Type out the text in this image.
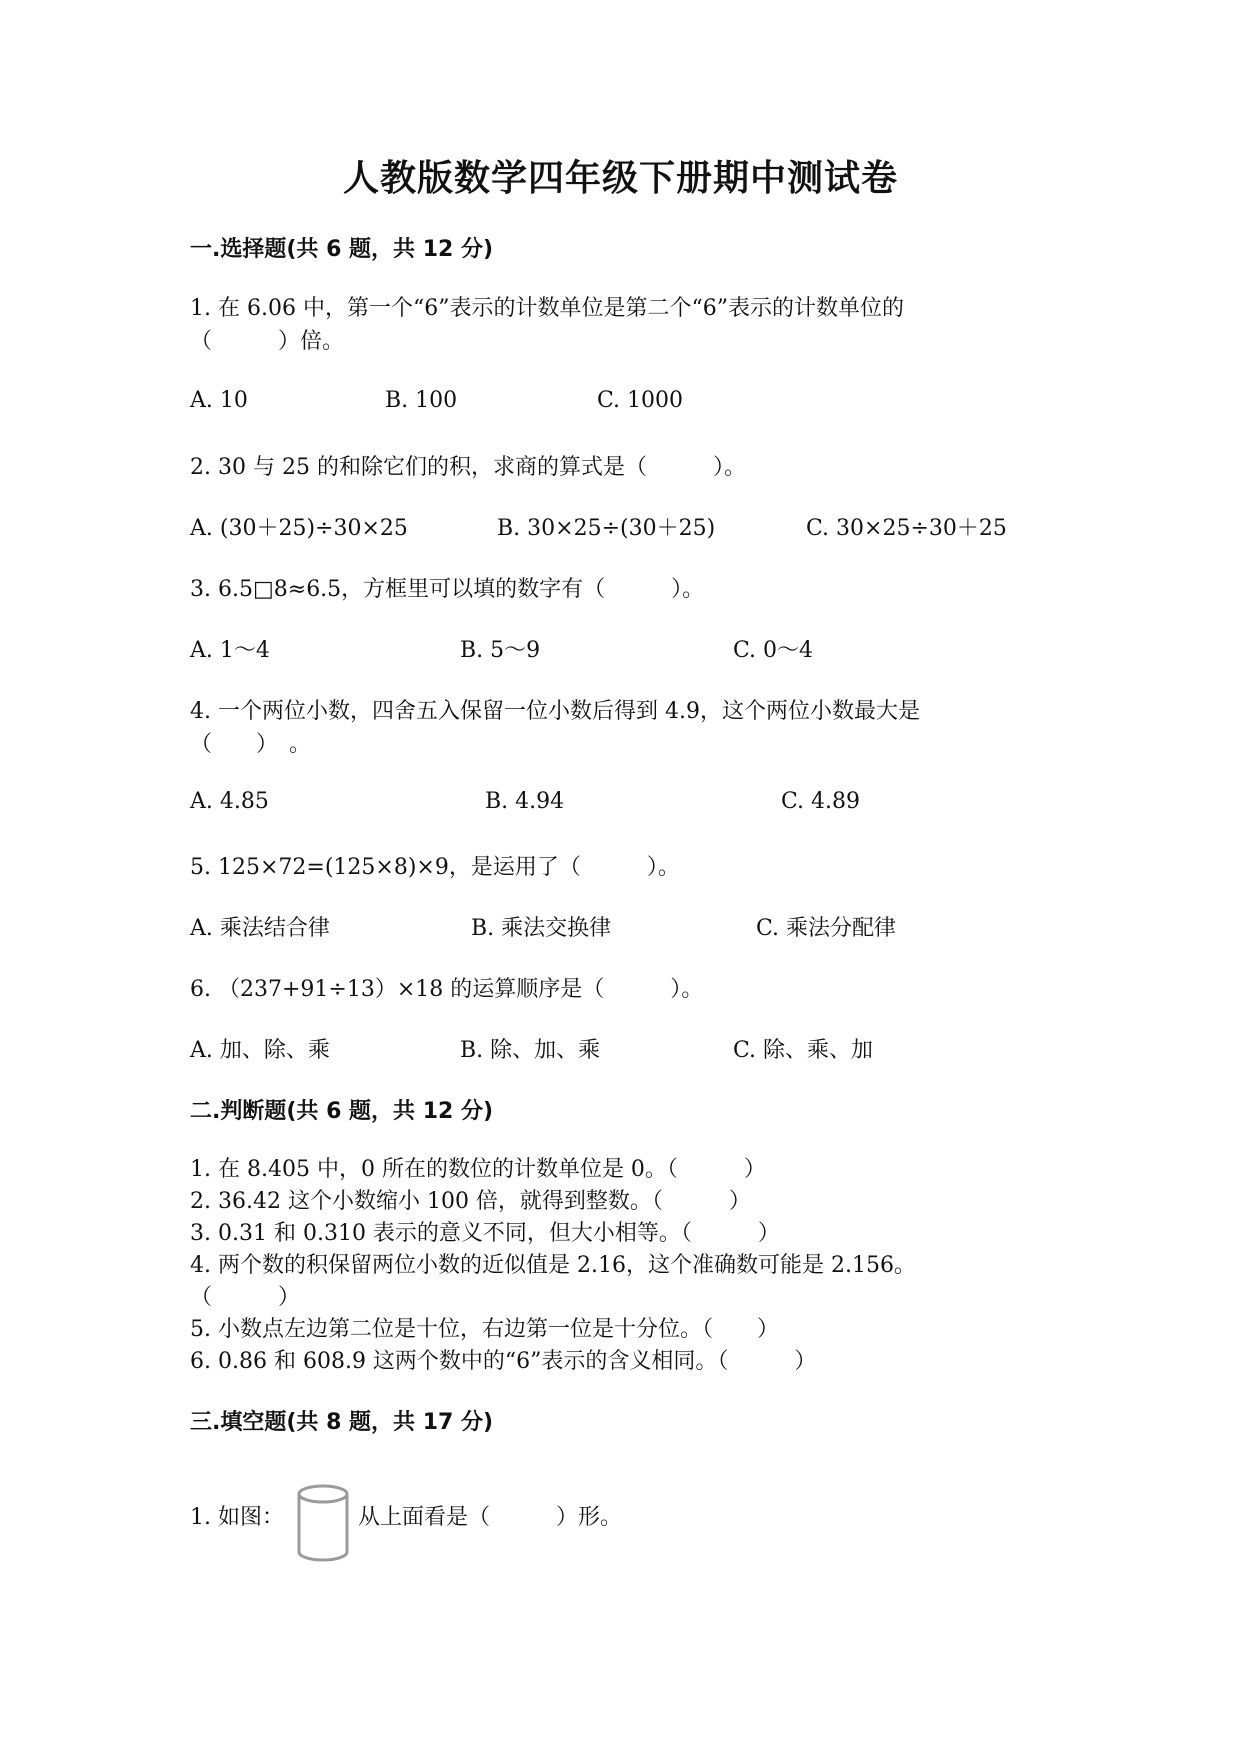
人教版数学四年级下册期中测试卷
一.选择题(共 6 题，共 12 分)
1. 在 6.06 中，第一个“6”表示的计数单位是第二个“6”表示的计数单位的
（　　　）倍。
A. 10	B. 100	C. 1000
2. 30 与 25 的和除它们的积，求商的算式是（　　　）。
A. (30＋25)÷30×25	B. 30×25÷(30＋25)	C. 30×25÷30＋25
3. 6.5□8≈6.5，方框里可以填的数字有（　　　）。
A. 1～4	B. 5～9	C. 0～4
4. 一个两位小数，四舍五入保留一位小数后得到 4.9，这个两位小数最大是
（　　）　。
A. 4.85	B. 4.94	C. 4.89
5. 125×72=(125×8)×9，是运用了（　　　）。
A. 乘法结合律	B. 乘法交换律	C. 乘法分配律
6. （237+91÷13）×18 的运算顺序是（　　　）。
A. 加、除、乘	B. 除、加、乘	C. 除、乘、加
二.判断题(共 6 题，共 12 分)
1. 在 8.405 中，0 所在的数位的计数单位是 0。（　　　）
2. 36.42 这个小数缩小 100 倍，就得到整数。（　　　）
3. 0.31 和 0.310 表示的意义不同，但大小相等。（　　　）
4. 两个数的积保留两位小数的近似值是 2.16，这个准确数可能是 2.156。
（　　　）
5. 小数点左边第二位是十位，右边第一位是十分位。（　　）
6. 0.86 和 608.9 这两个数中的“6”表示的含义相同。（　　　）
三.填空题(共 8 题，共 17 分)
1. 如图：	从上面看是（　　　）形。
